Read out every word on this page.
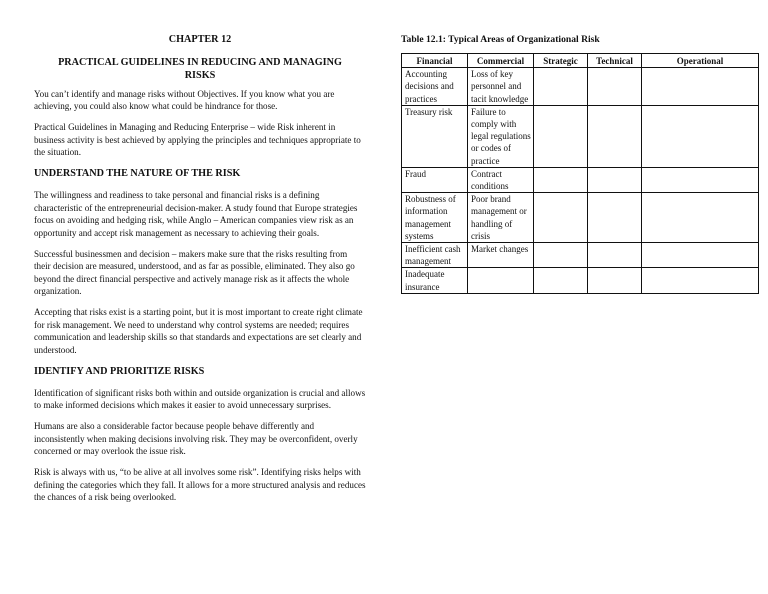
CHAPTER 12
PRACTICAL GUIDELINES IN REDUCING AND MANAGING RISKS

You can’t identify and manage risks without Objectives. If you know what you are achieving, you could also know what could be hindrance for those.

Practical Guidelines in Managing and Reducing Enterprise – wide Risk inherent in business activity is best achieved by applying the principles and techniques appropriate to the situation.

UNDERSTAND THE NATURE OF THE RISK

The willingness and readiness to take personal and financial risks is a defining characteristic of the entrepreneurial decision-maker. A study found that Europe strategies focus on avoiding and hedging risk, while Anglo – American companies view risk as an opportunity and accept risk management as necessary to achieving their goals.

Successful businessmen and decision – makers make sure that the risks resulting from their decision are measured, understood, and as far as possible, eliminated. They also go beyond the direct financial perspective and actively manage risk as it affects the whole organization.

Accepting that risks exist is a starting point, but it is most important to create right climate for risk management. We need to understand why control systems are needed; requires communication and leadership skills so that standards and expectations are set clearly and understood.

IDENTIFY AND PRIORITIZE RISKS

Identification of significant risks both within and outside organization is crucial and allows to make informed decisions which makes it easier to avoid unnecessary surprises.

Humans are also a considerable factor because people behave differently and inconsistently when making decisions involving risk. They may be overconfident, overly concerned or may overlook the issue risk.

Risk is always with us, “to be alive at all involves some risk”. Identifying risks helps with defining the categories which they fall. It allows for a more structured analysis and reduces the chances of a risk being overlooked.

Table 12.1: Typical Areas of Organizational Risk
Financial	Commercial	Strategic	Technical	Operational
Accounting decisions and practices	Loss of key personnel and tacit knowledge			
Treasury risk	Failure to comply with legal regulations or codes of practice			
Fraud	Contract conditions			
Robustness of information management systems	Poor brand management or handling of crisis			
Inefficient cash management	Market changes			
Inadequate insurance				
